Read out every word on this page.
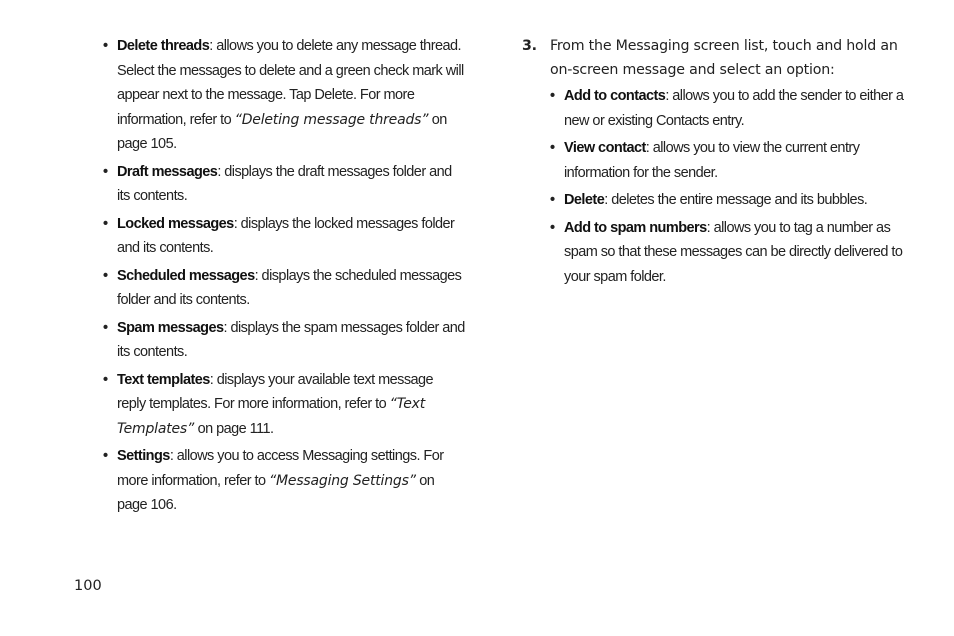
• Delete threads: allows you to delete any message thread. Select the messages to delete and a green check mark will appear next to the message. Tap Delete. For more information, refer to “Deleting message threads” on page 105.
• Draft messages: displays the draft messages folder and its contents.
• Locked messages: displays the locked messages folder and its contents.
• Scheduled messages: displays the scheduled messages folder and its contents.
• Spam messages: displays the spam messages folder and its contents.
• Text templates: displays your available text message reply templates. For more information, refer to “Text Templates” on page 111.
• Settings: allows you to access Messaging settings. For more information, refer to “Messaging Settings” on page 106.
3. From the Messaging screen list, touch and hold an on-screen message and select an option:
• Add to contacts: allows you to add the sender to either a new or existing Contacts entry.
• View contact: allows you to view the current entry information for the sender.
• Delete: deletes the entire message and its bubbles.
• Add to spam numbers: allows you to tag a number as spam so that these messages can be directly delivered to your spam folder.
100
